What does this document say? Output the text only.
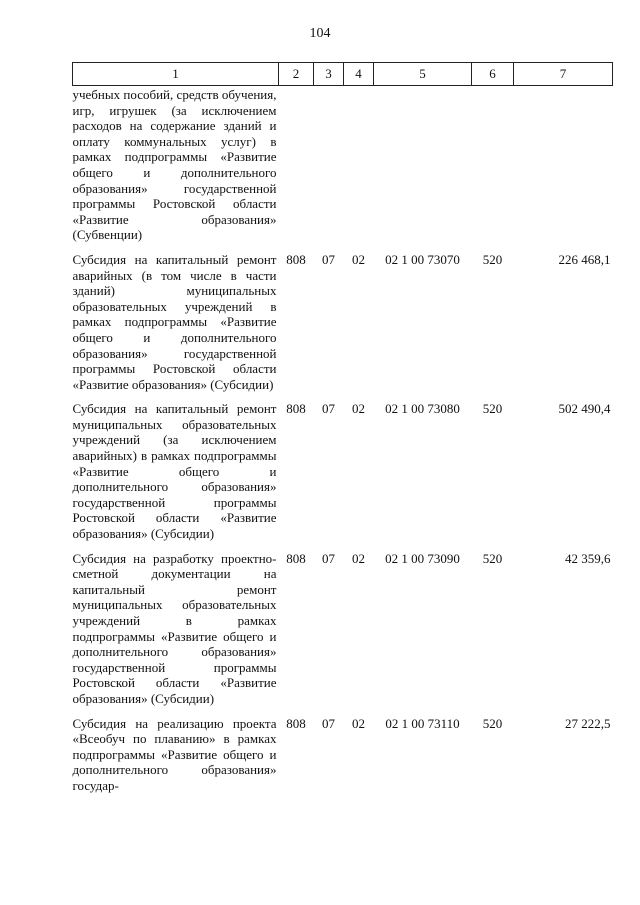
104
1	2	3	4	5	6	7
учебных пособий, средств обучения, игр, игрушек (за исключением расходов на содержание зданий и оплату коммунальных услуг) в рамках подпрограммы «Развитие общего и дополнительного образования» государственной программы Ростовской области «Развитие образования» (Субвенции)						
Субсидия на капитальный ремонт аварийных (в том числе в части зданий) муниципальных образовательных учреждений в рамках подпрограммы «Развитие общего и дополнительного образования» государственной программы Ростовской области «Развитие образования» (Субсидии)	808	07	02	02 1 00 73070	520	226 468,1
Субсидия на капитальный ремонт муниципальных образовательных учреждений (за исключением аварийных) в рамках подпрограммы «Развитие общего и дополнительного образования» государственной программы Ростовской области «Развитие образования» (Субсидии)	808	07	02	02 1 00 73080	520	502 490,4
Субсидия на разработку проектно-сметной документации на капитальный ремонт муниципальных образовательных учреждений в рамках подпрограммы «Развитие общего и дополнительного образования» государственной программы Ростовской области «Развитие образования» (Субсидии)	808	07	02	02 1 00 73090	520	42 359,6
Субсидия на реализацию проекта «Всеобуч по плаванию» в рамках подпрограммы «Развитие общего и дополнительного образования» государ-	808	07	02	02 1 00 73110	520	27 222,5
